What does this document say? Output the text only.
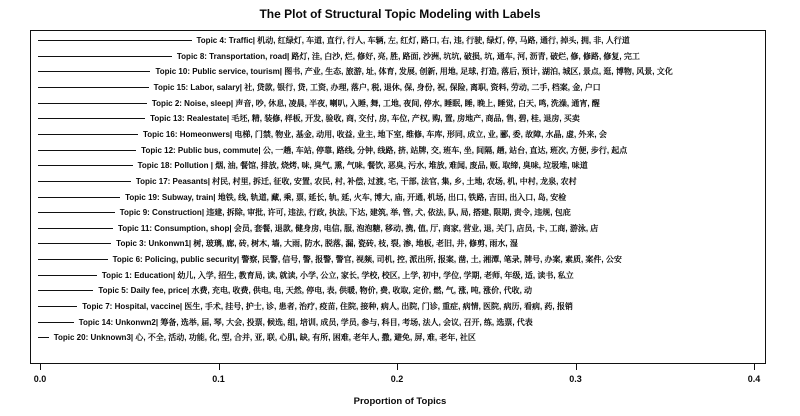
The Plot of Structural Topic Modeling with Labels
Topic 4: Traffic| 机动, 红绿灯, 车道, 直行, 行人, 车辆, 左, 红灯, 路口, 右, 违, 行驶, 绿灯, 停, 马路, 通行, 掉头, 拥, 非, 人行道
Topic 8: Transportation, road| 路灯, 洼, 白沙, 烂, 修好, 亮, 胜, 路面, 沙洲, 坑坑, 破损, 坑, 通车, 河, 沥青, 破烂, 修, 修路, 修复, 完工
Topic 10: Public service, tourism| 图书, 产业, 生态, 旅游, 址, 体育, 发展, 创新, 用地, 足球, 打造, 落后, 预计, 湖泊, 城区, 景点, 逛, 博物, 风景, 文化
Topic 15: Labor, salary| 社, 贷款, 银行, 贷, 工资, 办理, 落户, 税, 退休, 保, 身份, 祝, 保险, 离职, 资料, 劳动, 二手, 档案, 金, 户口
Topic 2: Noise, sleep| 声音, 吵, 休息, 凌晨, 半夜, 喇叭, 入睡, 舞, 工地, 夜间, 停水, 睡眠, 睡, 晚上, 睡觉, 白天, 鸣, 洗澡, 通宵, 醒
Topic 13: Realestate| 毛坯, 精, 装修, 样板, 开发, 验收, 商, 交付, 房, 车位, 产权, 购, 置, 房地产, 商品, 售, 碧, 桂, 退房, 买卖
Topic 16: Homeonwers| 电梯, 门禁, 物业, 基金, 动用, 收益, 业主, 地下室, 维修, 车库, 形同, 成立, 业, 郦, 委, 故障, 水晶, 虚, 外来, 会
Topic 12: Public bus, commute| 公, 一趟, 车站, 停靠, 路线, 分钟, 线路, 挤, 站牌, 交, 班车, 坐, 间隔, 趟, 站台, 直达, 班次, 方便, 步行, 起点
Topic 18: Pollution | 烟, 油, 餐馆, 排放, 烧烤, 味, 臭气, 熏, 气味, 餐饮, 恶臭, 污水, 堆放, 难闻, 废品, 贩, 取缔, 臭味, 垃圾堆, 味道
Topic 17: Peasants| 村民, 村里, 拆迁, 征收, 安置, 农民, 村, 补偿, 过渡, 宅, 干部, 法官, 集, 乡, 土地, 农场, 机, 中村, 龙泉, 农村
Topic 19: Subway, train| 地铁, 线, 轨道, 藏, 乘, 票, 延长, 轨, 延, 火车, 博大, 庙, 开通, 机场, 出口, 铁路, 吉田, 出入口, 岛, 安检
Topic 9: Construction| 违建, 拆除, 审批, 许可, 违法, 行政, 执法, 下达, 建筑, 举, 管, 犬, 依法, 队, 局, 搭建, 限期, 责令, 违规, 包庇
Topic 11: Consumption, shop| 会员, 套餐, 退款, 健身房, 电信, 服, 泡泡糖, 移动, 携, 值, 厅, 商家, 营业, 退, 关门, 店员, 卡, 工商, 游泳, 店
Topic 3: Unkonwn1| 树, 玻璃, 廊, 砖, 树木, 墙, 大雨, 防水, 脱落, 漏, 瓷砖, 枝, 裂, 渗, 地板, 老旧, 井, 修剪, 雨水, 湿
Topic 6: Policing, public security| 警察, 民警, 信号, 警, 报警, 警官, 视频, 司机, 控, 派出所, 报案, 凿, 土, 湘潭, 笔录, 牌号, 办案, 素质, 案件, 公安
Topic 1: Education| 幼儿, 入学, 招生, 教育局, 读, 就读, 小学, 公立, 家长, 学校, 校区, 上学, 初中, 学位, 学期, 老师, 年级, 适, 读书, 私立
Topic 5: Daily fee, price| 水费, 充电, 收费, 供电, 电, 天然, 停电, 表, 供暖, 物价, 费, 收取, 定价, 燃, 气, 涨, 吨, 涨价, 代收, 动
Topic 7: Hospital, vaccine| 医生, 手术, 挂号, 护士, 诊, 患者, 治疗, 疫苗, 住院, 接种, 病人, 出院, 门诊, 重症, 病情, 医院, 病历, 看病, 药, 报销
Topic 14: Unkonwn2| 筹备, 选举, 届, 琴, 大会, 投票, 候选, 组, 培训, 成员, 学员, 参与, 科目, 考场, 法人, 会议, 召开, 练, 选票, 代表
Topic 20: Unknown3| 心, 不全, 活动, 功能, 化, 型, 合并, 亚, 联, 心肌, 缺, 有所, 困难, 老年人, 撒, 避免, 屏, 难, 老年, 社区
0.0	0.1	0.2	0.3	0.4
Proportion of Topics
